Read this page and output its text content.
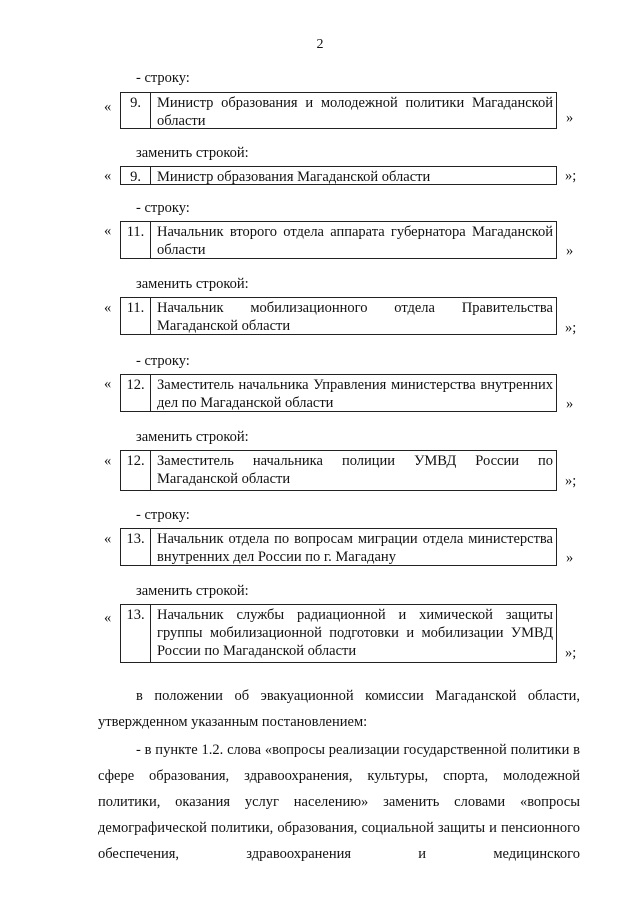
2
- строку:
«	9.	Министр образования и молодежной политики Магаданской области	»
заменить строкой:
«	9.	Министр образования Магаданской области	»;
- строку:
«	11. Начальник второго отдела аппарата губернатора Магаданской области	»
заменить строкой:
«	11. Начальник мобилизационного отдела Правительства Магаданской области	»;
- строку:
«	12. Заместитель начальника Управления министерства внутренних дел по Магаданской области	»
заменить строкой:
«	12. Заместитель начальника полиции УМВД России по Магаданской области	»;
- строку:
«	13. Начальник отдела по вопросам миграции отдела министерства внутренних дел России по г. Магадану	»
заменить строкой:
«	13. Начальник службы радиационной и химической защиты группы мобилизационной подготовки и мобилизации УМВД России по Магаданской области	»;
в положении об эвакуационной комиссии Магаданской области, утвержденном указанным постановлением:
- в пункте 1.2. слова «вопросы реализации государственной политики в сфере образования, здравоохранения, культуры, спорта, молодежной политики, оказания услуг населению» заменить словами «вопросы демографической политики, образования, социальной защиты и пенсионного обеспечения, здравоохранения и медицинского
